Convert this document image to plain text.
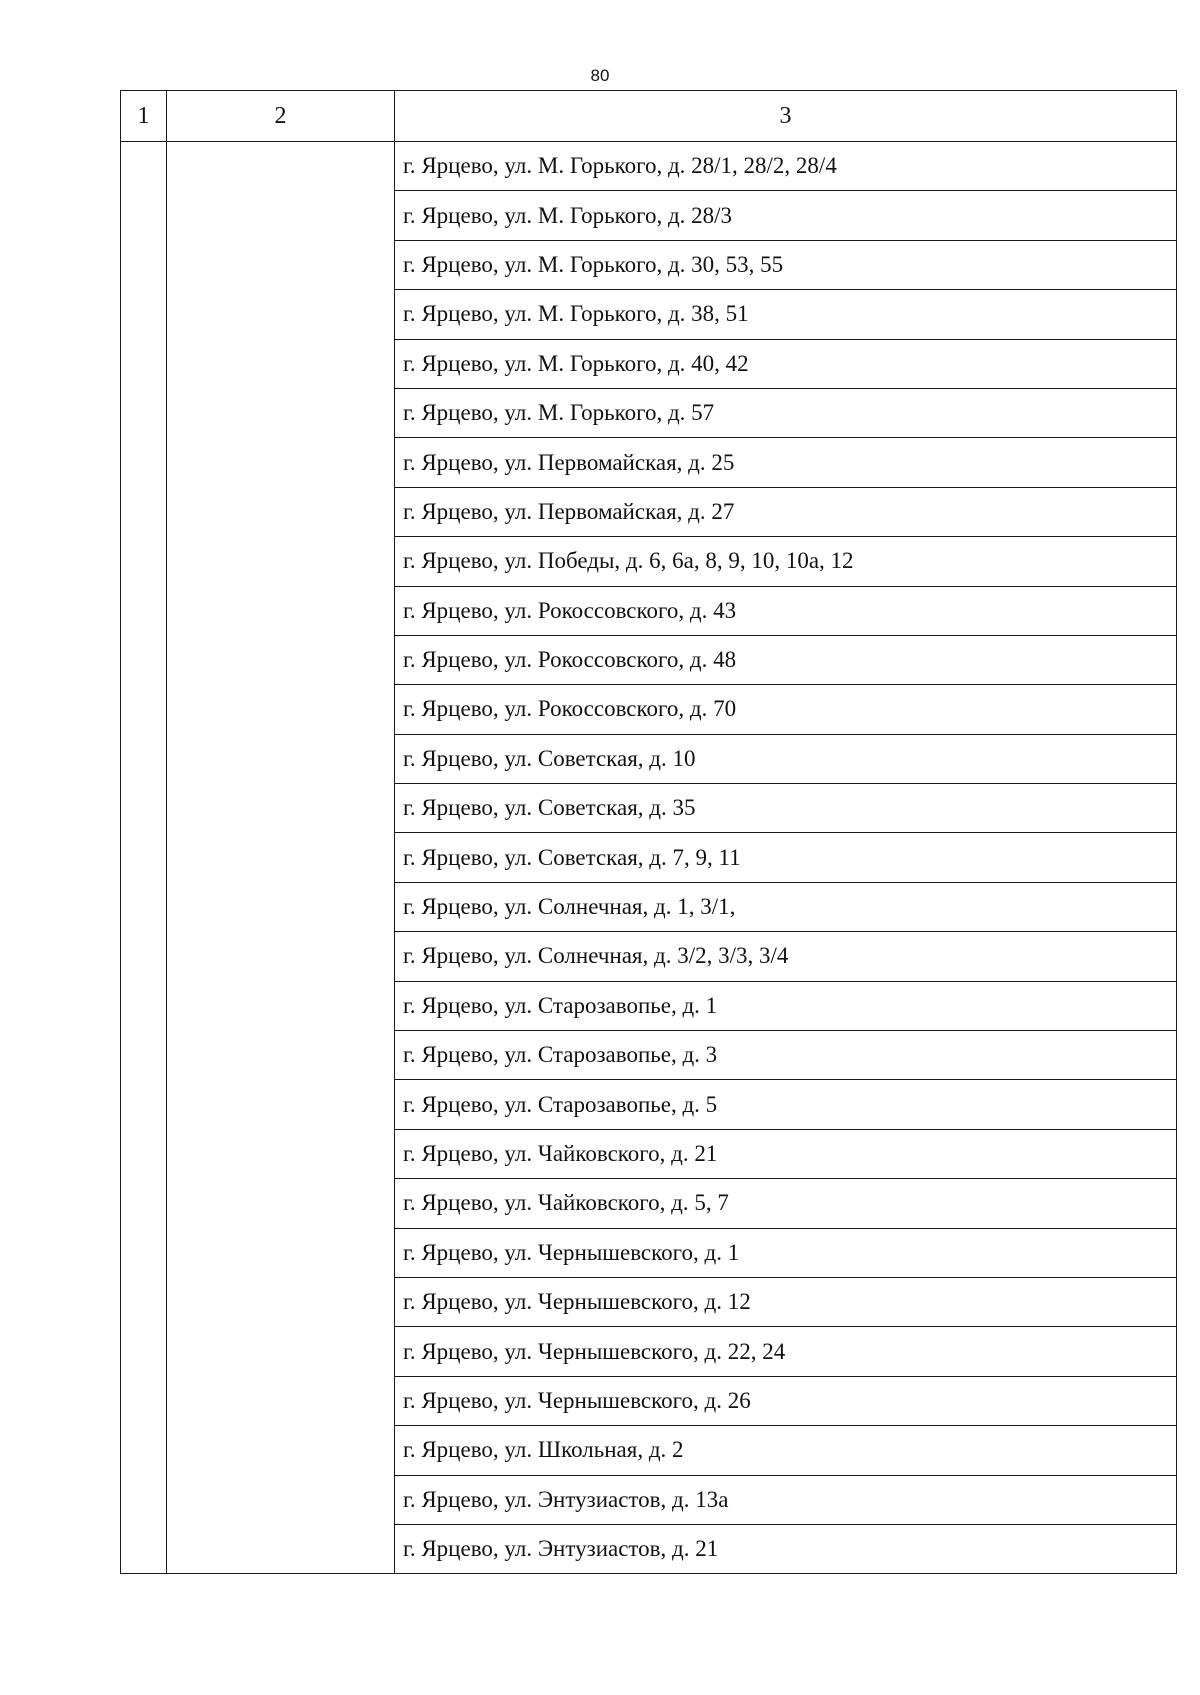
80
1	2	3
		г. Ярцево, ул. М. Горького, д. 28/1, 28/2, 28/4
		г. Ярцево, ул. М. Горького, д. 28/3
		г. Ярцево, ул. М. Горького, д. 30, 53, 55
		г. Ярцево, ул. М. Горького, д. 38, 51
		г. Ярцево, ул. М. Горького, д. 40, 42
		г. Ярцево, ул. М. Горького, д. 57
		г. Ярцево, ул. Первомайская, д. 25
		г. Ярцево, ул. Первомайская, д. 27
		г. Ярцево, ул. Победы, д. 6, 6а, 8, 9, 10, 10а, 12
		г. Ярцево, ул. Рокоссовского, д. 43
		г. Ярцево, ул. Рокоссовского, д. 48
		г. Ярцево, ул. Рокоссовского, д. 70
		г. Ярцево, ул. Советская, д. 10
		г. Ярцево, ул. Советская, д. 35
		г. Ярцево, ул. Советская, д. 7, 9, 11
		г. Ярцево, ул. Солнечная, д. 1, 3/1,
		г. Ярцево, ул. Солнечная, д. 3/2, 3/3, 3/4
		г. Ярцево, ул. Старозавопье, д. 1
		г. Ярцево, ул. Старозавопье, д. 3
		г. Ярцево, ул. Старозавопье, д. 5
		г. Ярцево, ул. Чайковского, д. 21
		г. Ярцево, ул. Чайковского, д. 5, 7
		г. Ярцево, ул. Чернышевского, д. 1
		г. Ярцево, ул. Чернышевского, д. 12
		г. Ярцево, ул. Чернышевского, д. 22, 24
		г. Ярцево, ул. Чернышевского, д. 26
		г. Ярцево, ул. Школьная, д. 2
		г. Ярцево, ул. Энтузиастов, д. 13а
		г. Ярцево, ул. Энтузиастов, д. 21
